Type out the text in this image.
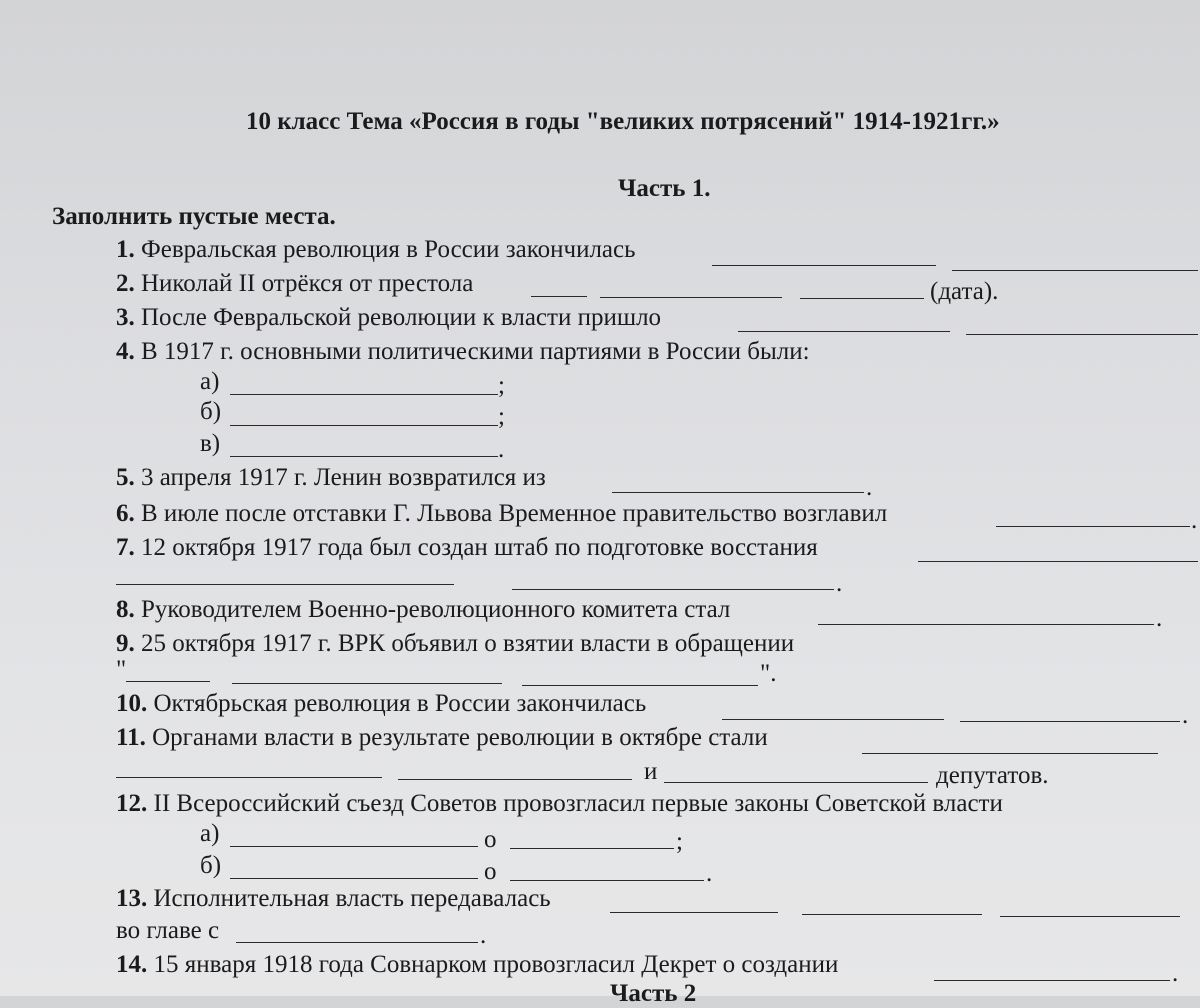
10 класс Тема «Россия в годы "великих потрясений" 1914-1921гг.»
Часть 1.
Заполнить пустые места.
1. Февральская революция в России закончилась
2. Николай II отрёкся от престола	(дата).
3. После Февральской революции к власти пришло
4. В 1917 г. основными политическими партиями в России были:
а)	;
б)	;
в)	.
5. 3 апреля 1917 г. Ленин возвратился из	.
6. В июле после отставки Г. Львова Временное правительство возглавил	.
7. 12 октября 1917 года был создан штаб по подготовке восстания
.
8. Руководителем Военно-революционного комитета стал	.
9. 25 октября 1917 г. ВРК объявил о взятии власти в обращении
"	".
10. Октябрьская революция в России закончилась	.
11. Органами власти в результате революции в октябре стали
и	депутатов.
12. II Всероссийский съезд Советов провозгласил первые законы Советской власти
а)	о	;
б)	о	.
13. Исполнительная власть передавалась
во главе с	.
14. 15 января 1918 года Совнарком провозгласил Декрет о создании	.
Часть 2
